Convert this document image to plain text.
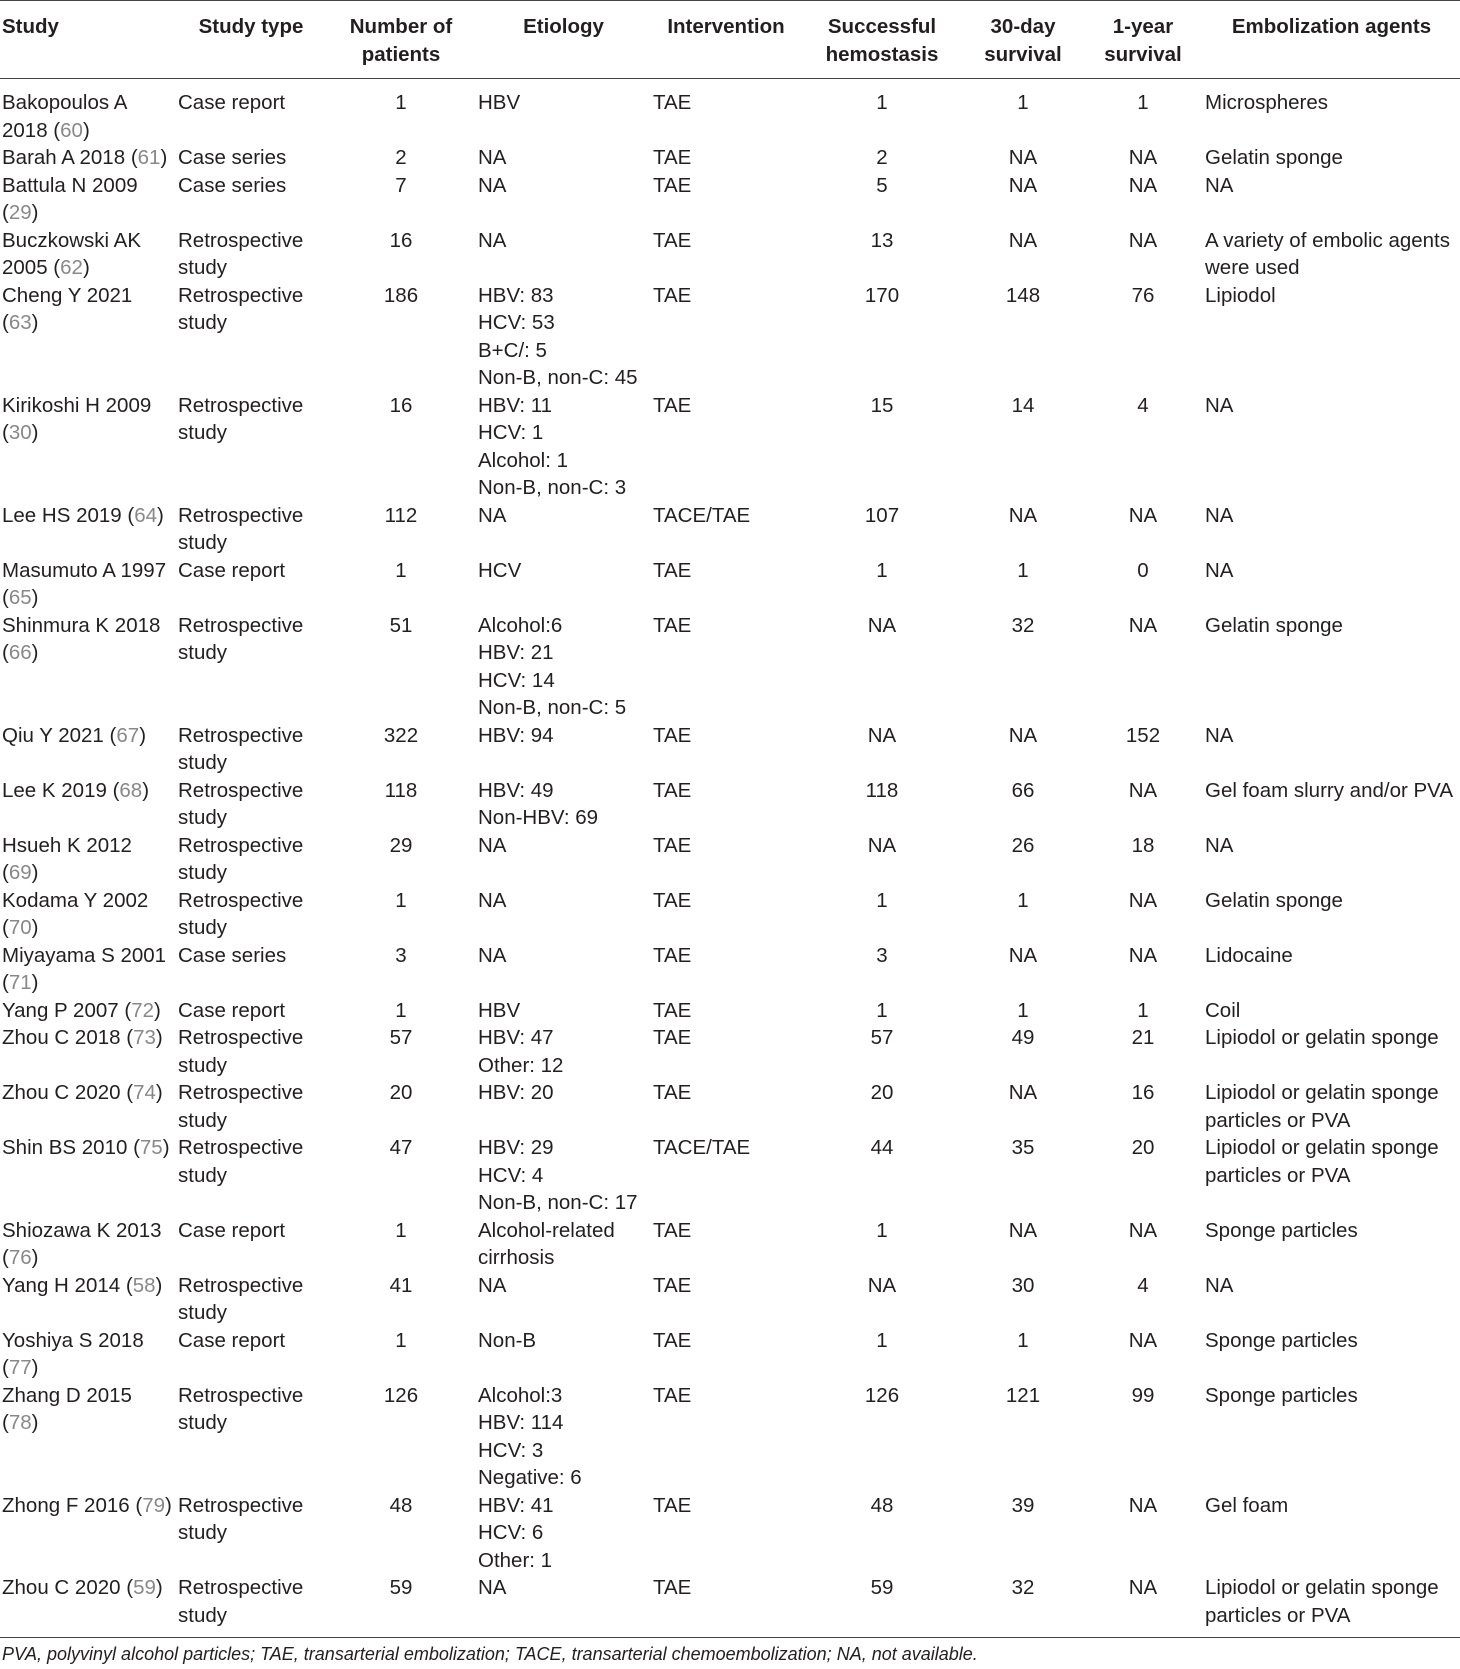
Study	Study type	Number of patients	Etiology	Intervention	Successful hemostasis	30-day survival	1-year survival	Embolization agents
Bakopoulos A 2018 (60)	Case report	1	HBV	TAE	1	1	1	Microspheres
Barah A 2018 (61)	Case series	2	NA	TAE	2	NA	NA	Gelatin sponge
Battula N 2009 (29)	Case series	7	NA	TAE	5	NA	NA	NA
Buczkowski AK 2005 (62)	Retrospective study	16	NA	TAE	13	NA	NA	A variety of embolic agents were used
Cheng Y 2021 (63)	Retrospective study	186	HBV: 83
HCV: 53
B+C/: 5
Non-B, non-C: 45	TAE	170	148	76	Lipiodol
Kirikoshi H 2009 (30)	Retrospective study	16	HBV: 11
HCV: 1
Alcohol: 1
Non-B, non-C: 3	TAE	15	14	4	NA
Lee HS 2019 (64)	Retrospective study	112	NA	TACE/TAE	107	NA	NA	NA
Masumuto A 1997 (65)	Case report	1	HCV	TAE	1	1	0	NA
Shinmura K 2018 (66)	Retrospective study	51	Alcohol:6
HBV: 21
HCV: 14
Non-B, non-C: 5	TAE	NA	32	NA	Gelatin sponge
Qiu Y 2021 (67)	Retrospective study	322	HBV: 94	TAE	NA	NA	152	NA
Lee K 2019 (68)	Retrospective study	118	HBV: 49
Non-HBV: 69	TAE	118	66	NA	Gel foam slurry and/or PVA
Hsueh K 2012 (69)	Retrospective study	29	NA	TAE	NA	26	18	NA
Kodama Y 2002 (70)	Retrospective study	1	NA	TAE	1	1	NA	Gelatin sponge
Miyayama S 2001 (71)	Case series	3	NA	TAE	3	NA	NA	Lidocaine
Yang P 2007 (72)	Case report	1	HBV	TAE	1	1	1	Coil
Zhou C 2018 (73)	Retrospective study	57	HBV: 47
Other: 12	TAE	57	49	21	Lipiodol or gelatin sponge
Zhou C 2020 (74)	Retrospective study	20	HBV: 20	TAE	20	NA	16	Lipiodol or gelatin sponge particles or PVA
Shin BS 2010 (75)	Retrospective study	47	HBV: 29
HCV: 4
Non-B, non-C: 17	TACE/TAE	44	35	20	Lipiodol or gelatin sponge particles or PVA
Shiozawa K 2013 (76)	Case report	1	Alcohol-related cirrhosis	TAE	1	NA	NA	Sponge particles
Yang H 2014 (58)	Retrospective study	41	NA	TAE	NA	30	4	NA
Yoshiya S 2018 (77)	Case report	1	Non-B	TAE	1	1	NA	Sponge particles
Zhang D 2015 (78)	Retrospective study	126	Alcohol:3
HBV: 114
HCV: 3
Negative: 6	TAE	126	121	99	Sponge particles
Zhong F 2016 (79)	Retrospective study	48	HBV: 41
HCV: 6
Other: 1	TAE	48	39	NA	Gel foam
Zhou C 2020 (59)	Retrospective study	59	NA	TAE	59	32	NA	Lipiodol or gelatin sponge particles or PVA
PVA, polyvinyl alcohol particles; TAE, transarterial embolization; TACE, transarterial chemoembolization; NA, not available.
